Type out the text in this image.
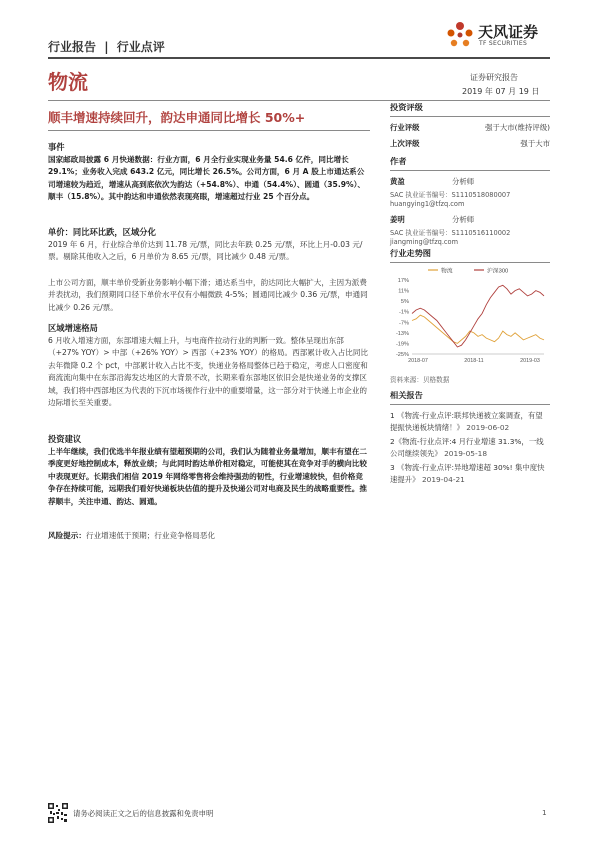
行业报告 | 行业点评
天风证券
TF SECURITIES
物流	证券研究报告
2019 年 07 月 19 日
顺丰增速持续回升，韵达申通同比增长 50%+
事件
国家邮政局披露 6 月快递数据：行业方面，6 月全行业实现业务量 54.6 亿件，同比增长 29.1%；业务收入完成 643.2 亿元，同比增长 26.5%。公司方面，6 月 A 股上市通达系公司增速较为趋近，增速从高到底依次为韵达（+54.8%）、申通（54.4%）、圆通（35.9%）、顺丰（15.8%）。其中韵达和申通依然表现亮眼，增速超过行业 25 个百分点。
单价：同比环比跌，区域分化
2019 年 6 月，行业综合单价达到 11.78 元/票，同比去年跌 0.25 元/票，环比上月-0.03 元/票。剔除其他收入之后，6 月单价为 8.65 元/票，同比减少 0.48 元/票。
上市公司方面，顺丰单价受新业务影响小幅下滑；通达系当中，韵达同比大幅扩大，主因为派费并表扰动，我们预期同口径下单价水平仅有小幅微跌 4-5%；圆通同比减少 0.36 元/票，申通同比减少 0.26 元/票。
区域增速格局
6 月收入增速方面，东部增速大幅上升，与电商件拉动行业的判断一致。整体呈现出东部（+27% YOY）> 中部（+26% YOY）> 西部（+23% YOY）的格局。西部累计收入占比同比去年微降 0.2 个 pct，中部累计收入占比不变，快递业务格局整体已趋于稳定，考虑人口密度和商流流向集中在东部沿海发达地区的大背景不改，长期来看东部地区依旧会是快递业务的支撑区域，我们将中西部地区为代表的下沉市场视作行业中的重要增量，这一部分对于快递上市企业的边际增长至关重要。
投资建议
上半年继续，我们优选半年报业绩有望超预期的公司，我们认为随着业务量增加，顺丰有望在二季度更好地控制成本，释放业绩；与此同时韵达单价相对稳定，可能使其在竞争对手的横向比较中表现更好。长期我们相信 2019 年网络零售将会维持强劲的韧性，行业增速较快，但价格竞争存在持续可能，远期我们看好快递板块估值的提升及快递公司对电商及民生的战略重要性。推荐顺丰，关注申通、韵达、圆通。
风险提示：行业增速低于预期；行业竞争格局恶化
投资评级
行业评级	强于大市(维持评级)
上次评级	强于大市
作者
黄盈	分析师
SAC 执业证书编号：S1110518080007
huangying1@tfzq.com
姜明	分析师
SAC 执业证书编号：S1110516110002
jiangming@tfzq.com
行业走势图
物流	沪深300
17%
11%
5%
-1%
-7%
-13%
-19%
-25%
2018-07	2018-11	2019-03
资料来源：贝格数据
相关报告
1 《物流-行业点评:联邦快递被立案调查，有望提振快递板块情绪！》 2019-06-02
2《物流-行业点评:4 月行业增速 31.3%，一线公司继续领先》 2019-05-18
3 《物流-行业点评:异地增速超 30%! 集中度快速提升》 2019-04-21
请务必阅读正文之后的信息披露和免责申明	1
